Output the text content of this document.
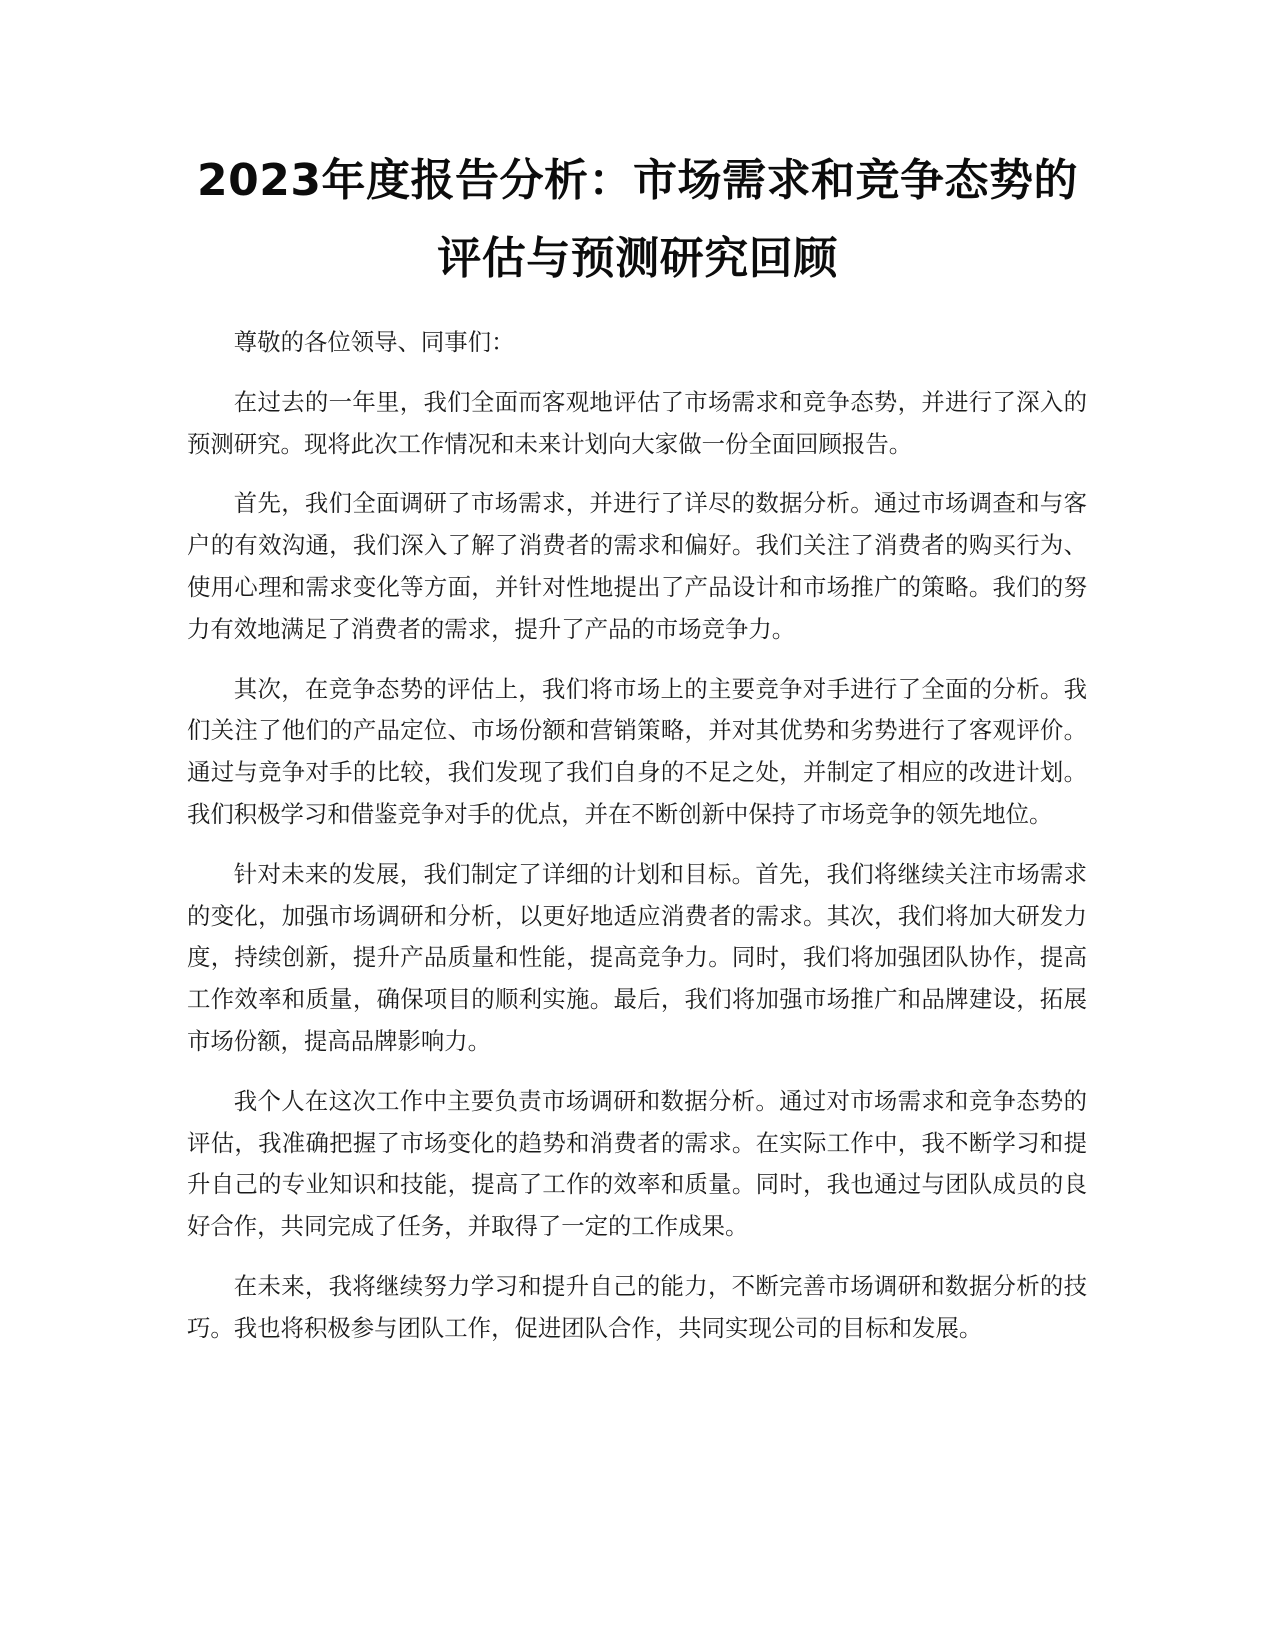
2023年度报告分析：市场需求和竞争态势的
评估与预测研究回顾

尊敬的各位领导、同事们：

在过去的一年里，我们全面而客观地评估了市场需求和竞争态势，并进行了深入的预测研究。现将此次工作情况和未来计划向大家做一份全面回顾报告。

首先，我们全面调研了市场需求，并进行了详尽的数据分析。通过市场调查和与客户的有效沟通，我们深入了解了消费者的需求和偏好。我们关注了消费者的购买行为、使用心理和需求变化等方面，并针对性地提出了产品设计和市场推广的策略。我们的努力有效地满足了消费者的需求，提升了产品的市场竞争力。

其次，在竞争态势的评估上，我们将市场上的主要竞争对手进行了全面的分析。我们关注了他们的产品定位、市场份额和营销策略，并对其优势和劣势进行了客观评价。通过与竞争对手的比较，我们发现了我们自身的不足之处，并制定了相应的改进计划。我们积极学习和借鉴竞争对手的优点，并在不断创新中保持了市场竞争的领先地位。

针对未来的发展，我们制定了详细的计划和目标。首先，我们将继续关注市场需求的变化，加强市场调研和分析，以更好地适应消费者的需求。其次，我们将加大研发力度，持续创新，提升产品质量和性能，提高竞争力。同时，我们将加强团队协作，提高工作效率和质量，确保项目的顺利实施。最后，我们将加强市场推广和品牌建设，拓展市场份额，提高品牌影响力。

我个人在这次工作中主要负责市场调研和数据分析。通过对市场需求和竞争态势的评估，我准确把握了市场变化的趋势和消费者的需求。在实际工作中，我不断学习和提升自己的专业知识和技能，提高了工作的效率和质量。同时，我也通过与团队成员的良好合作，共同完成了任务，并取得了一定的工作成果。

在未来，我将继续努力学习和提升自己的能力，不断完善市场调研和数据分析的技巧。我也将积极参与团队工作，促进团队合作，共同实现公司的目标和发展。
